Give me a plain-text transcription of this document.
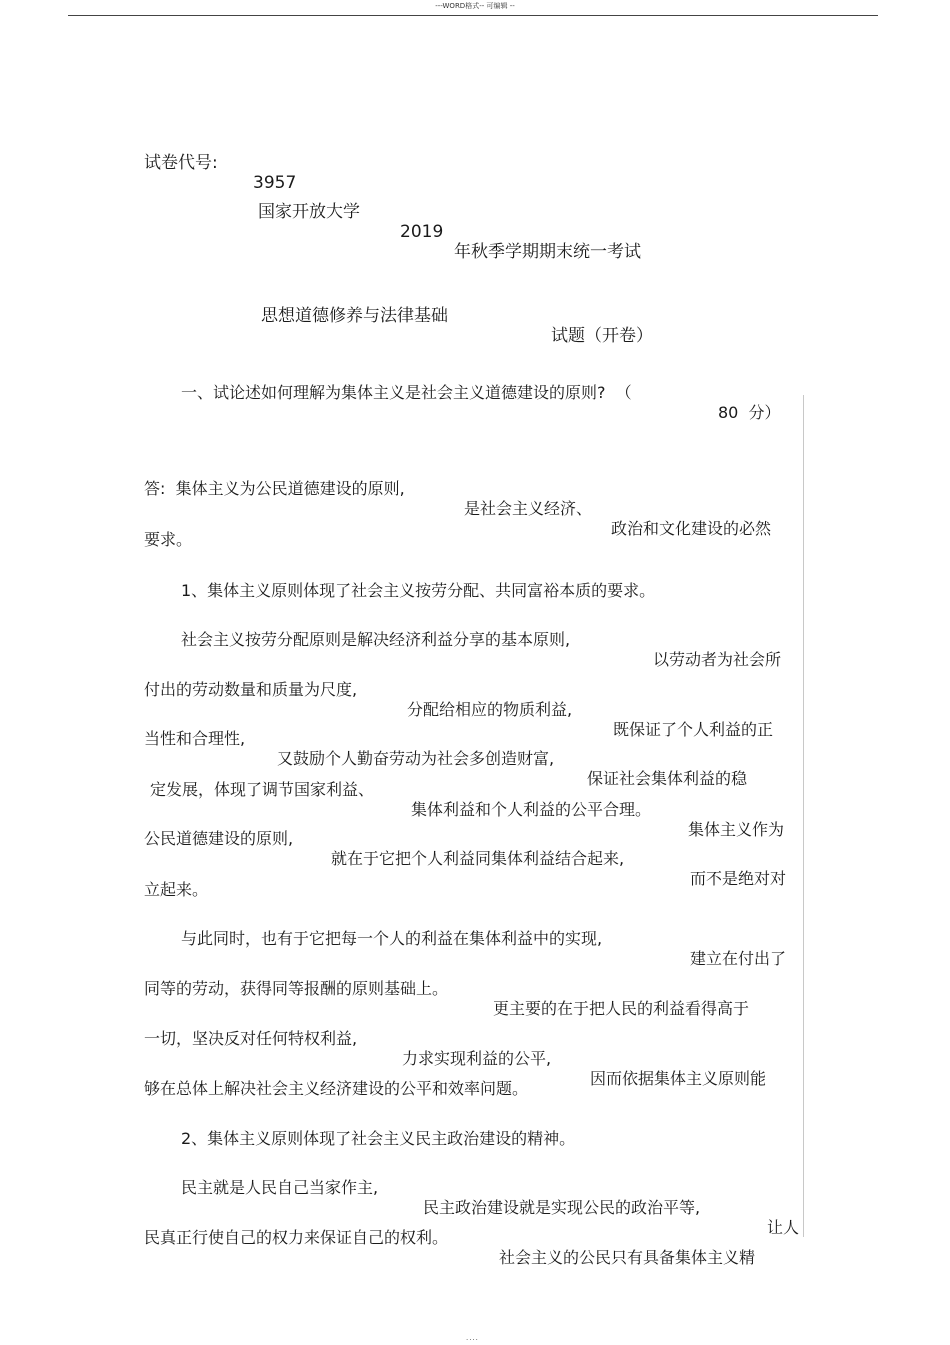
---WORD格式-- 可编辑 --

试卷代号:

3957

国家开放大学

2019

年秋季学期期末统一考试

思想道德修养与法律基础

试题（开卷）

一、试论述如何理解为集体主义是社会主义道德建设的原则?  （

80  分）

答:  集体主义为公民道德建设的原则,

是社会主义经济、

政治和文化建设的必然

要求。

1、集体主义原则体现了社会主义按劳分配、共同富裕本质的要求。

社会主义按劳分配原则是解决经济利益分享的基本原则,

以劳动者为社会所

付出的劳动数量和质量为尺度,

分配给相应的物质利益,

既保证了个人利益的正

当性和合理性,

又鼓励个人勤奋劳动为社会多创造财富,

保证社会集体利益的稳

定发展，体现了调节国家利益、

集体利益和个人利益的公平合理。

集体主义作为

公民道德建设的原则,

就在于它把个人利益同集体利益结合起来,

而不是绝对对

立起来。

与此同时，也有于它把每一个人的利益在集体利益中的实现,

建立在付出了

同等的劳动，获得同等报酬的原则基础上。

更主要的在于把人民的利益看得高于

一切，坚决反对任何特权利益,

力求实现利益的公平,

因而依据集体主义原则能

够在总体上解决社会主义经济建设的公平和效率问题。

2、集体主义原则体现了社会主义民主政治建设的精神。

民主就是人民自己当家作主,

民主政治建设就是实现公民的政治平等,

让人

民真正行使自己的权力来保证自己的权利。

社会主义的公民只有具备集体主义精

....
